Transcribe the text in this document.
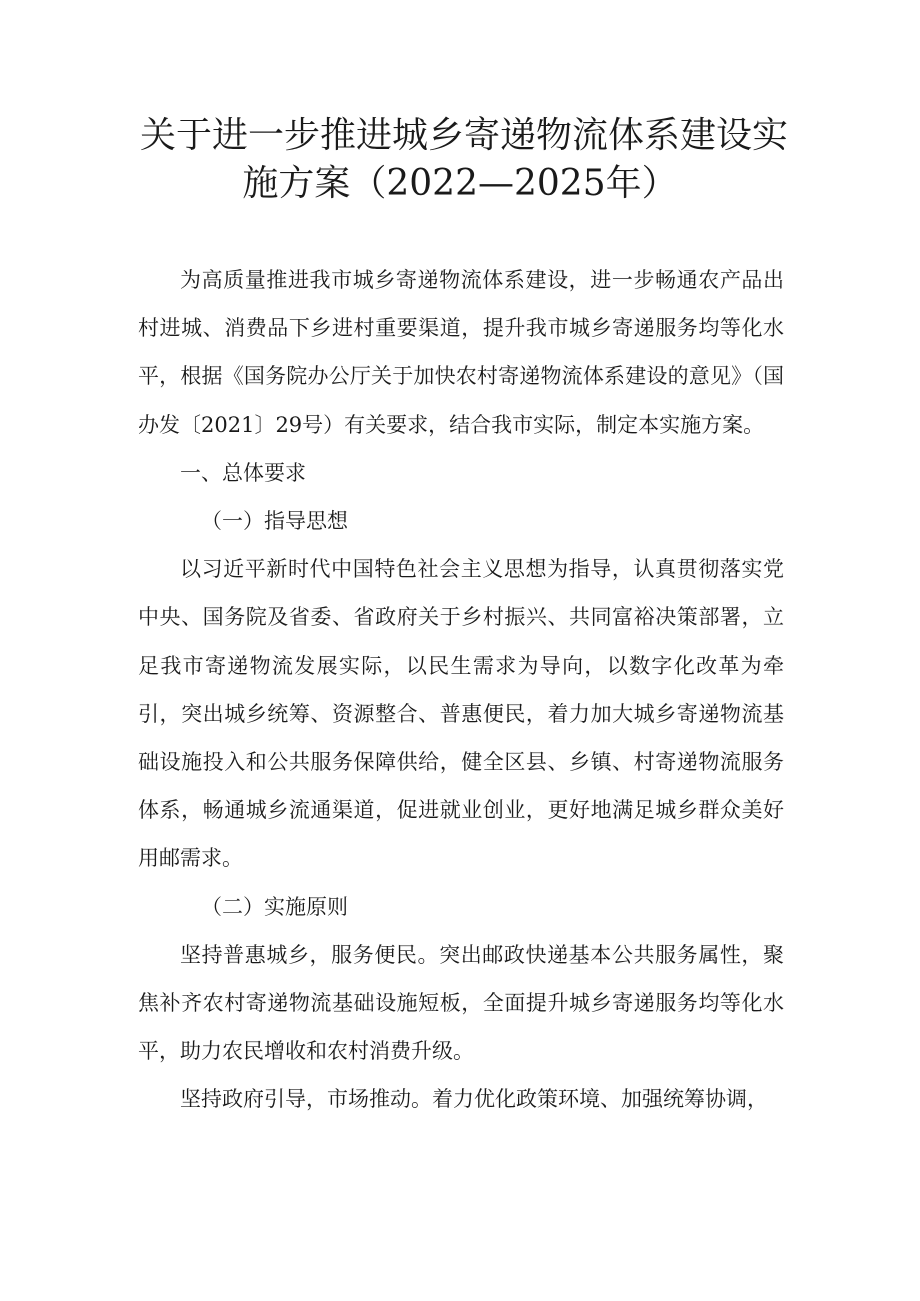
关于进一步推进城乡寄递物流体系建设实
施方案（2022—2025年）

为高质量推进我市城乡寄递物流体系建设，进一步畅通农产品出村进城、消费品下乡进村重要渠道，提升我市城乡寄递服务均等化水平，根据《国务院办公厅关于加快农村寄递物流体系建设的意见》（国办发〔2021〕29号）有关要求，结合我市实际，制定本实施方案。

一、总体要求

（一）指导思想

以习近平新时代中国特色社会主义思想为指导，认真贯彻落实党中央、国务院及省委、省政府关于乡村振兴、共同富裕决策部署，立足我市寄递物流发展实际，以民生需求为导向，以数字化改革为牵引，突出城乡统筹、资源整合、普惠便民，着力加大城乡寄递物流基础设施投入和公共服务保障供给，健全区县、乡镇、村寄递物流服务体系，畅通城乡流通渠道，促进就业创业，更好地满足城乡群众美好用邮需求。

（二）实施原则

坚持普惠城乡，服务便民。突出邮政快递基本公共服务属性，聚焦补齐农村寄递物流基础设施短板，全面提升城乡寄递服务均等化水平，助力农民增收和农村消费升级。

坚持政府引导，市场推动。着力优化政策环境、加强统筹协调，
